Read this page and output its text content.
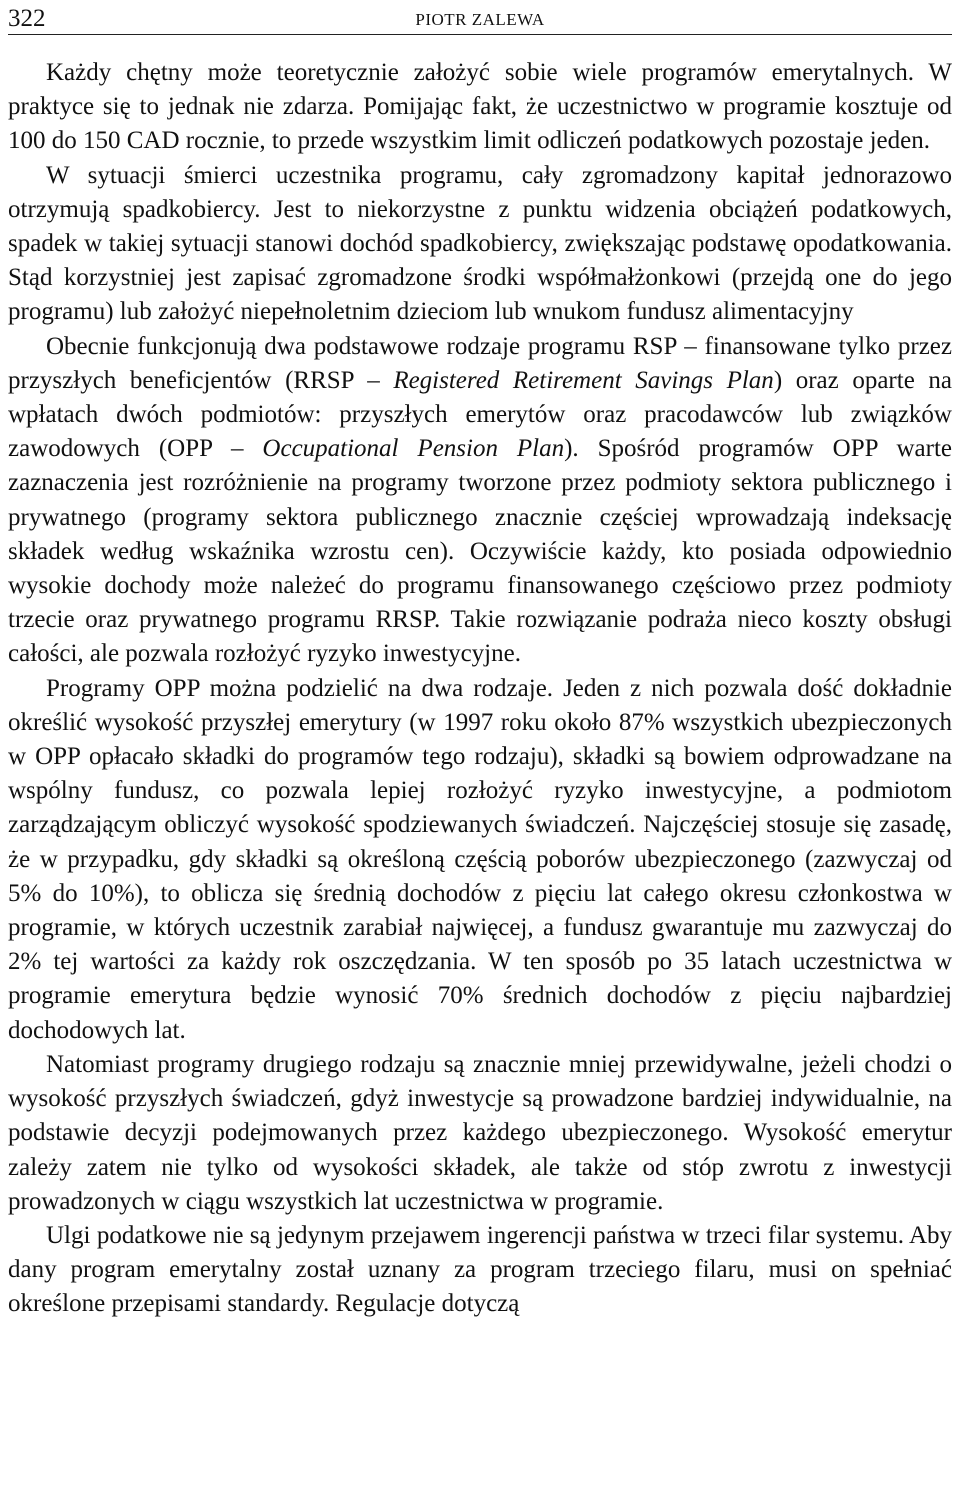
322	PIOTR ZALEWA

Każdy chętny może teoretycznie założyć sobie wiele programów emerytalnych. W praktyce się to jednak nie zdarza. Pomijając fakt, że uczestnictwo w programie kosztuje od 100 do 150 CAD rocznie, to przede wszystkim limit odliczeń podatkowych pozostaje jeden.

W sytuacji śmierci uczestnika programu, cały zgromadzony kapitał jednorazowo otrzymują spadkobiercy. Jest to niekorzystne z punktu widzenia obciążeń podatkowych, spadek w takiej sytuacji stanowi dochód spadkobiercy, zwiększając podstawę opodatkowania. Stąd korzystniej jest zapisać zgromadzone środki współmałżonkowi (przejdą one do jego programu) lub założyć niepełnoletnim dzieciom lub wnukom fundusz alimentacyjny

Obecnie funkcjonują dwa podstawowe rodzaje programu RSP – finansowane tylko przez przyszłych beneficjentów (RRSP – Registered Retirement Savings Plan) oraz oparte na wpłatach dwóch podmiotów: przyszłych emerytów oraz pracodawców lub związków zawodowych (OPP – Occupational Pension Plan). Spośród programów OPP warte zaznaczenia jest rozróżnienie na programy tworzone przez podmioty sektora publicznego i prywatnego (programy sektora publicznego znacznie częściej wprowadzają indeksację składek według wskaźnika wzrostu cen). Oczywiście każdy, kto posiada odpowiednio wysokie dochody może należeć do programu finansowanego częściowo przez podmioty trzecie oraz prywatnego programu RRSP. Takie rozwiązanie podraża nieco koszty obsługi całości, ale pozwala rozłożyć ryzyko inwestycyjne.

Programy OPP można podzielić na dwa rodzaje. Jeden z nich pozwala dość dokładnie określić wysokość przyszłej emerytury (w 1997 roku około 87% wszystkich ubezpieczonych w OPP opłacało składki do programów tego rodzaju), składki są bowiem odprowadzane na wspólny fundusz, co pozwala lepiej rozłożyć ryzyko inwestycyjne, a podmiotom zarządzającym obliczyć wysokość spodziewanych świadczeń. Najczęściej stosuje się zasadę, że w przypadku, gdy składki są określoną częścią poborów ubezpieczonego (zazwyczaj od 5% do 10%), to oblicza się średnią dochodów z pięciu lat całego okresu członkostwa w programie, w których uczestnik zarabiał najwięcej, a fundusz gwarantuje mu zazwyczaj do 2% tej wartości za każdy rok oszczędzania. W ten sposób po 35 latach uczestnictwa w programie emerytura będzie wynosić 70% średnich dochodów z pięciu najbardziej dochodowych lat.

Natomiast programy drugiego rodzaju są znacznie mniej przewidywalne, jeżeli chodzi o wysokość przyszłych świadczeń, gdyż inwestycje są prowadzone bardziej indywidualnie, na podstawie decyzji podejmowanych przez każdego ubezpieczonego. Wysokość emerytur zależy zatem nie tylko od wysokości składek, ale także od stóp zwrotu z inwestycji prowadzonych w ciągu wszystkich lat uczestnictwa w programie.

Ulgi podatkowe nie są jedynym przejawem ingerencji państwa w trzeci filar systemu. Aby dany program emerytalny został uznany za program trzeciego filaru, musi on spełniać określone przepisami standardy. Regulacje dotyczą
